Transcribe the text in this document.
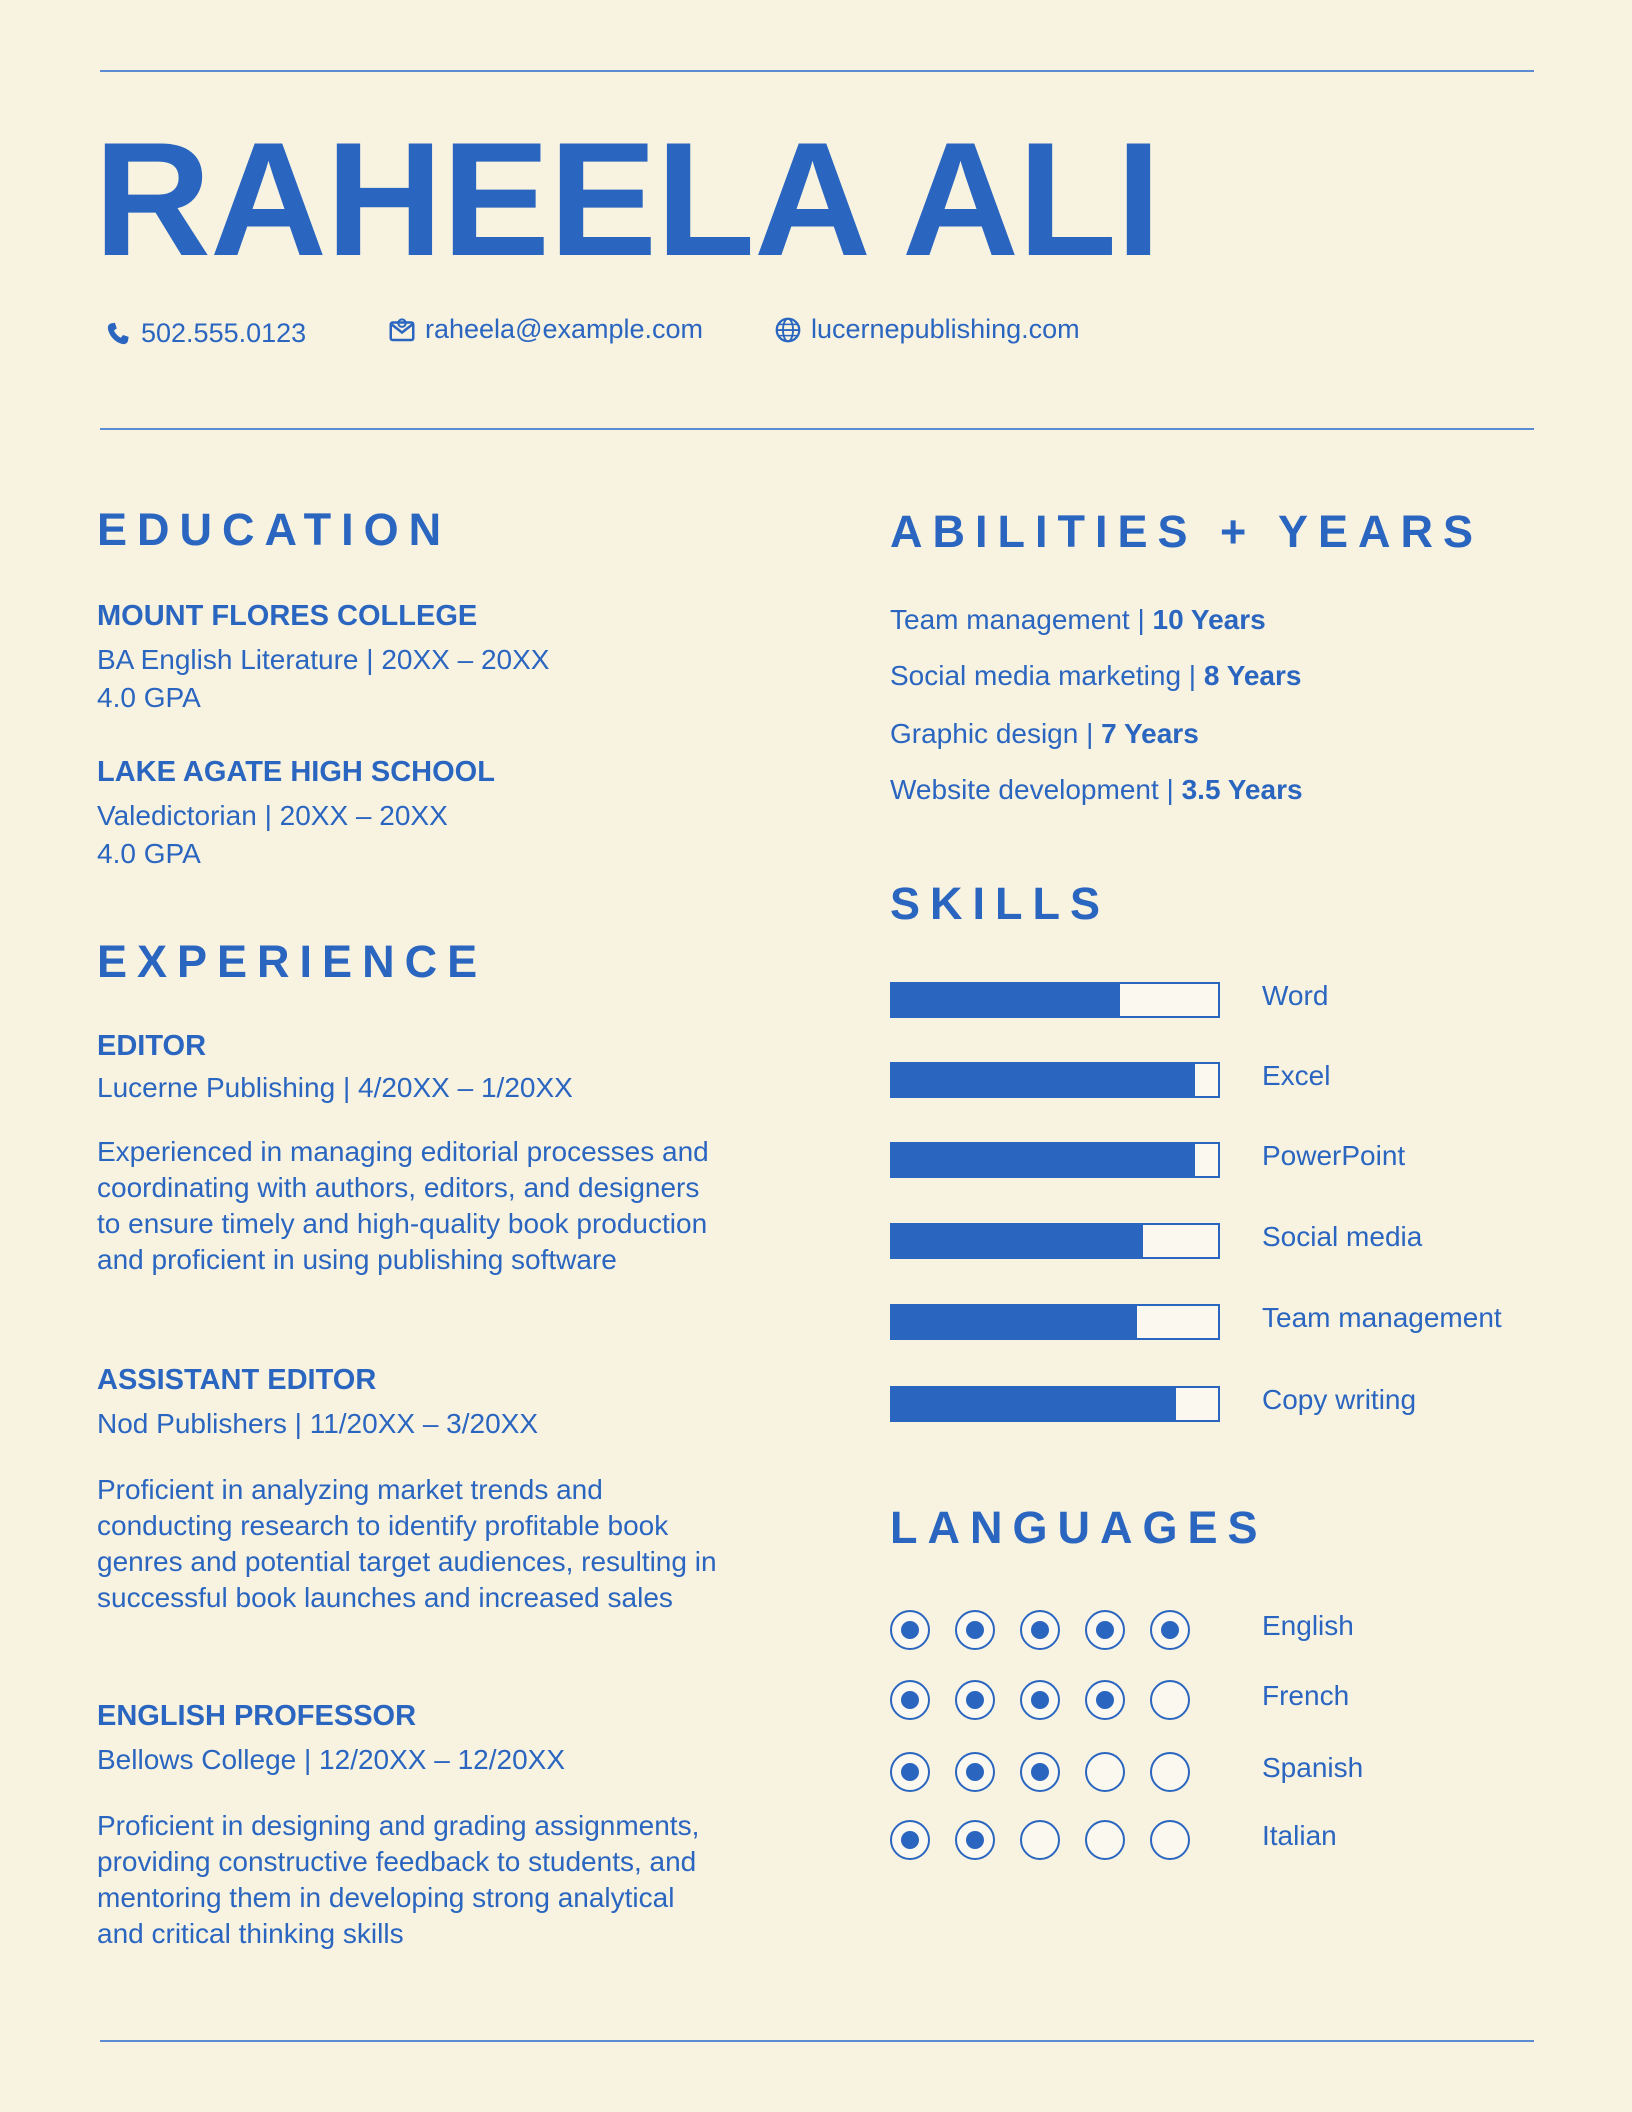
RAHEELA ALI
502.555.0123	raheela@example.com	lucernepublishing.com
EDUCATION
MOUNT FLORES COLLEGE
BA English Literature | 20XX – 20XX
4.0 GPA
LAKE AGATE HIGH SCHOOL
Valedictorian | 20XX – 20XX
4.0 GPA
EXPERIENCE
EDITOR
Lucerne Publishing | 4/20XX – 1/20XX
Experienced in managing editorial processes and
coordinating with authors, editors, and designers
to ensure timely and high-quality book production
and proficient in using publishing software
ASSISTANT EDITOR
Nod Publishers | 11/20XX – 3/20XX
Proficient in analyzing market trends and
conducting research to identify profitable book
genres and potential target audiences, resulting in
successful book launches and increased sales
ENGLISH PROFESSOR
Bellows College | 12/20XX – 12/20XX
Proficient in designing and grading assignments,
providing constructive feedback to students, and
mentoring them in developing strong analytical
and critical thinking skills
ABILITIES + YEARS
Team management | 10 Years
Social media marketing | 8 Years
Graphic design | 7 Years
Website development | 3.5 Years
SKILLS
Word
Excel
PowerPoint
Social media
Team management
Copy writing
LANGUAGES
English
French
Spanish
Italian
